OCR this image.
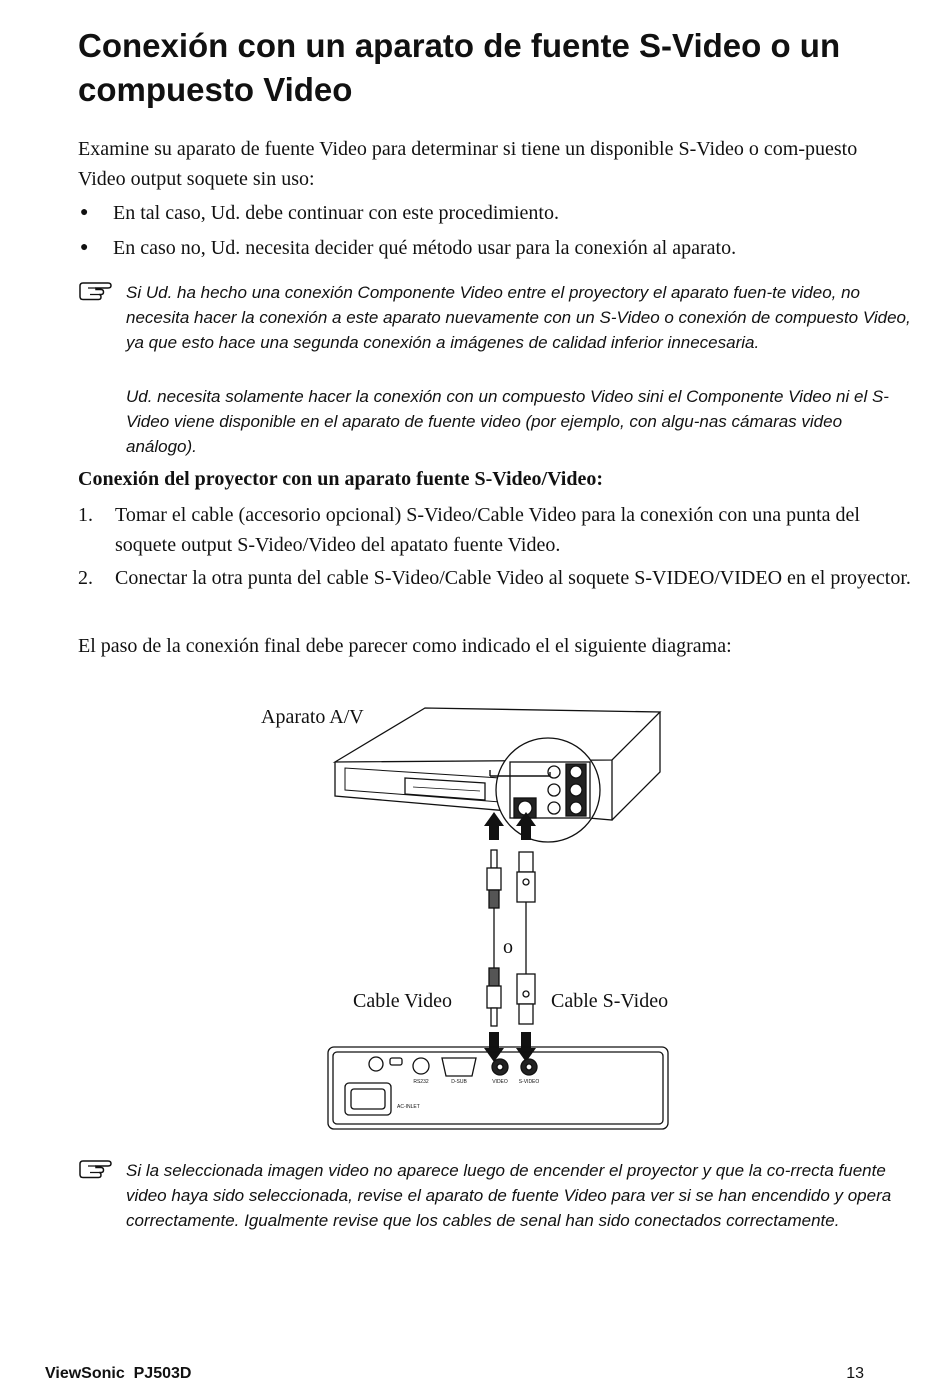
Conexión con un aparato de fuente S-Video o un compuesto Video

Examine su aparato de fuente Video para determinar si tiene un disponible S-Video o com-puesto Video output soquete sin uso:

● En tal caso, Ud. debe continuar con este procedimiento.
● En caso no, Ud. necesita decider qué método usar para la conexión al aparato.

Si Ud. ha hecho una conexión Componente Video entre el proyectory el aparato fuen-te video, no necesita hacer la conexión a este aparato nuevamente con un S-Video o conexión de compuesto Video, ya que esto hace una segunda conexión a imágenes de calidad inferior innecesaria.

Ud. necesita solamente hacer la conexión con un compuesto Video sini el Componente Video ni el S-Video viene disponible en el aparato de fuente video (por ejemplo, con algu-nas cámaras video análogo).

Conexión del proyector con un aparato fuente S-Video/Video:
1. Tomar el cable (accesorio opcional) S-Video/Cable Video para la conexión con una punta del soquete output S-Video/Video del apatato fuente Video.
2. Conectar la otra punta del cable S-Video/Cable Video al soquete S-VIDEO/VIDEO en el proyector.

El paso de la conexión final debe parecer como indicado el el siguiente diagrama:

Aparato A/V
RS232	D-SUB	VIDEO S-VIDEO
AC-INLET
o
Cable Video	Cable S-Video

Si la seleccionada imagen video no aparece luego de encender el proyector y que la co-rrecta fuente video haya sido seleccionada, revise el aparato de fuente Video para ver si se han encendido y opera correctamente. Igualmente revise que los cables de senal han sido conectados correctamente.

ViewSonic  PJ503D	13
